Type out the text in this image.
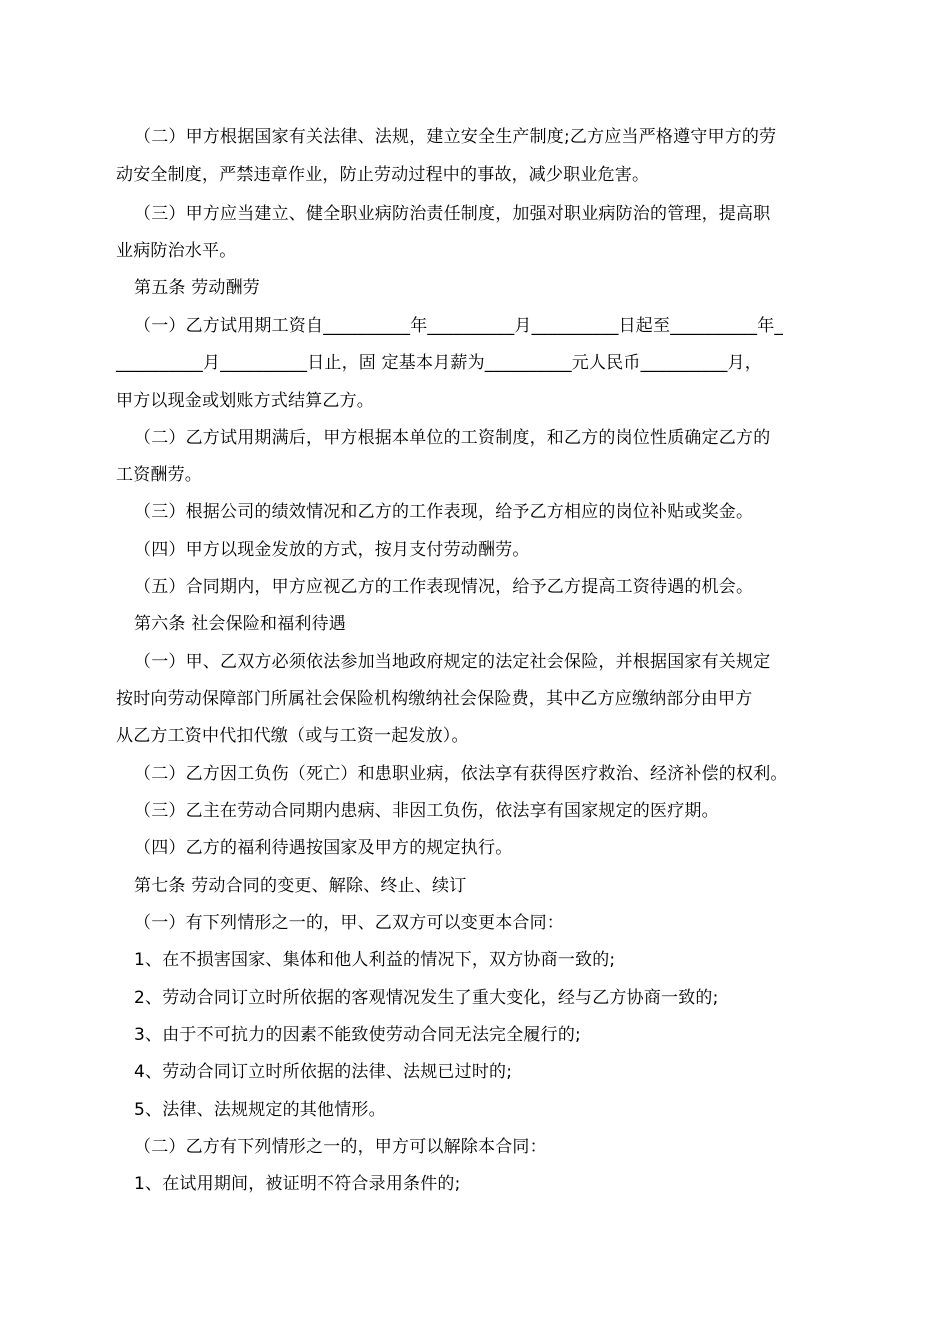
（二）甲方根据国家有关法律、法规，建立安全生产制度;乙方应当严格遵守甲方的劳
动安全制度，严禁违章作业，防止劳动过程中的事故，减少职业危害。
（三）甲方应当建立、健全职业病防治责任制度，加强对职业病防治的管理，提高职
业病防治水平。
第五条 劳动酬劳
（一）乙方试用期工资自__________年__________月__________日起至__________年_
__________月__________日止，固 定基本月薪为__________元人民币__________月，
甲方以现金或划账方式结算乙方。
（二）乙方试用期满后，甲方根据本单位的工资制度，和乙方的岗位性质确定乙方的
工资酬劳。
（三）根据公司的绩效情况和乙方的工作表现，给予乙方相应的岗位补贴或奖金。
（四）甲方以现金发放的方式，按月支付劳动酬劳。
（五）合同期内，甲方应视乙方的工作表现情况，给予乙方提高工资待遇的机会。
第六条 社会保险和福利待遇
（一）甲、乙双方必须依法参加当地政府规定的法定社会保险，并根据国家有关规定
按时向劳动保障部门所属社会保险机构缴纳社会保险费，其中乙方应缴纳部分由甲方
从乙方工资中代扣代缴（或与工资一起发放）。
（二）乙方因工负伤（死亡）和患职业病，依法享有获得医疗救治、经济补偿的权利。
（三）乙主在劳动合同期内患病、非因工负伤，依法享有国家规定的医疗期。
（四）乙方的福利待遇按国家及甲方的规定执行。
第七条 劳动合同的变更、解除、终止、续订
（一）有下列情形之一的，甲、乙双方可以变更本合同：
1、在不损害国家、集体和他人利益的情况下，双方协商一致的;
2、劳动合同订立时所依据的客观情况发生了重大变化，经与乙方协商一致的;
3、由于不可抗力的因素不能致使劳动合同无法完全履行的;
4、劳动合同订立时所依据的法律、法规已过时的;
5、法律、法规规定的其他情形。
（二）乙方有下列情形之一的，甲方可以解除本合同：
1、在试用期间，被证明不符合录用条件的;
